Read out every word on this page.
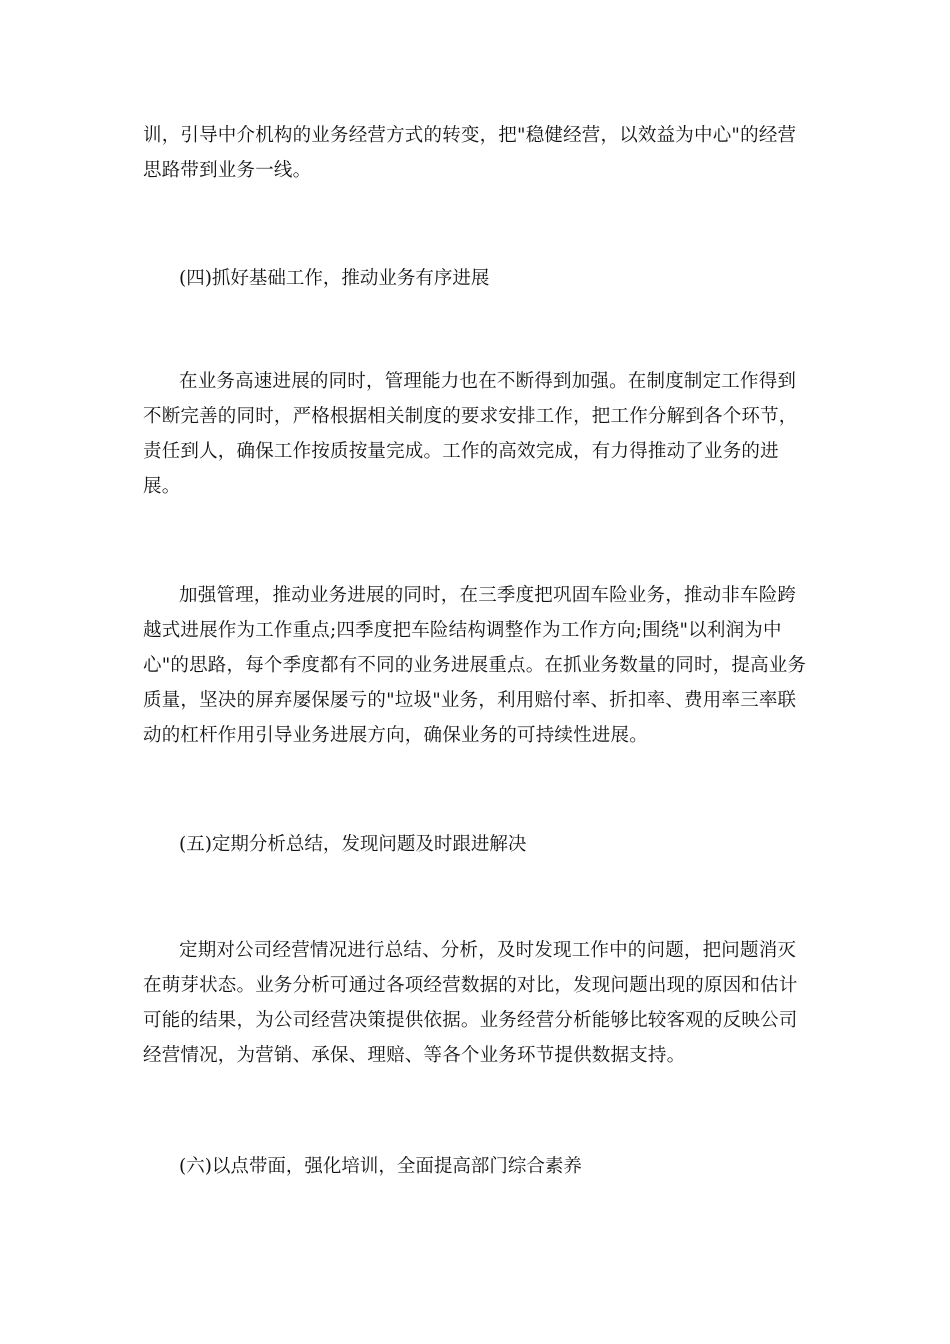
训，引导中介机构的业务经营方式的转变，把"稳健经营，以效益为中心"的经营思路带到业务一线。

(四)抓好基础工作，推动业务有序进展

在业务高速进展的同时，管理能力也在不断得到加强。在制度制定工作得到不断完善的同时，严格根据相关制度的要求安排工作，把工作分解到各个环节，责任到人，确保工作按质按量完成。工作的高效完成，有力得推动了业务的进展。

加强管理，推动业务进展的同时，在三季度把巩固车险业务，推动非车险跨越式进展作为工作重点;四季度把车险结构调整作为工作方向;围绕"以利润为中心"的思路，每个季度都有不同的业务进展重点。在抓业务数量的同时，提高业务质量，坚决的屏弃屡保屡亏的"垃圾"业务，利用赔付率、折扣率、费用率三率联动的杠杆作用引导业务进展方向，确保业务的可持续性进展。

(五)定期分析总结，发现问题及时跟进解决

定期对公司经营情况进行总结、分析，及时发现工作中的问题，把问题消灭在萌芽状态。业务分析可通过各项经营数据的对比，发现问题出现的原因和估计可能的结果，为公司经营决策提供依据。业务经营分析能够比较客观的反映公司经营情况，为营销、承保、理赔、等各个业务环节提供数据支持。

(六)以点带面，强化培训，全面提高部门综合素养
